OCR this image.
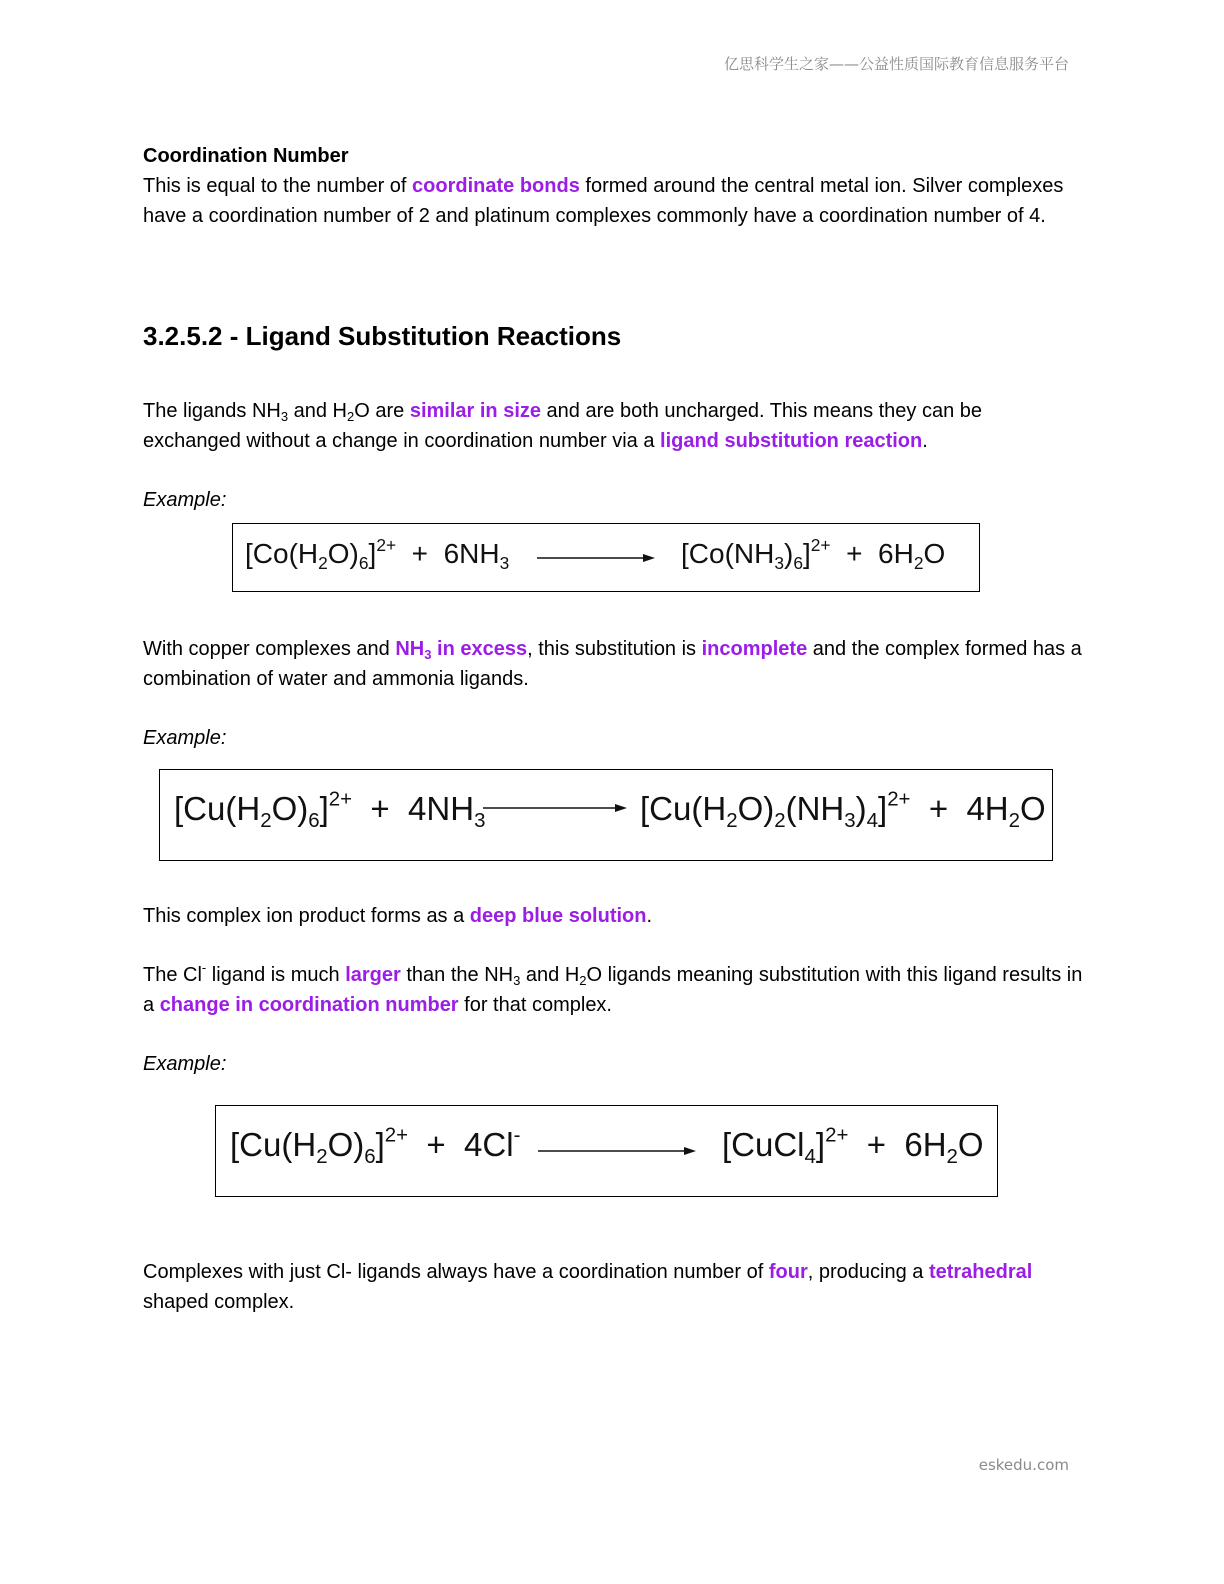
亿思科学生之家——公益性质国际教育信息服务平台
Coordination Number
This is equal to the number of coordinate bonds formed around the central metal ion. Silver complexes have a coordination number of 2 and platinum complexes commonly have a coordination number of 4.
3.2.5.2 - Ligand Substitution Reactions
The ligands $NH_3$ and $H_2O$ are similar in size and are both uncharged. This means they can be exchanged without a change in coordination number via a ligand substitution reaction.
Example:
$[Co(H_2O)_6]^{2+} + 6NH_3$	$[Co(NH_3)_6]^{2+} + 6H_2O$
With copper complexes and $NH_3$ in excess, this substitution is incomplete and the complex formed has a combination of water and ammonia ligands.
Example:
$[Cu(H_2O)_6]^{2+} + 4NH_3$	$[Cu(H_2O)_2(NH_3)_4]^{2+} + 4H_2O$
This complex ion product forms as a deep blue solution.
The Cl- ligand is much larger than the $NH_3$ and $H_2O$ ligands meaning substitution with this ligand results in a change in coordination number for that complex.
Example:
$[Cu(H_2O)_6]^{2+} + 4Cl^-$	[CuCl$_4$]$^{2+}$  +  $6H_2O$
Complexes with just Cl- ligands always have a coordination number of four, producing a tetrahedral shaped complex.
eskedu.com
